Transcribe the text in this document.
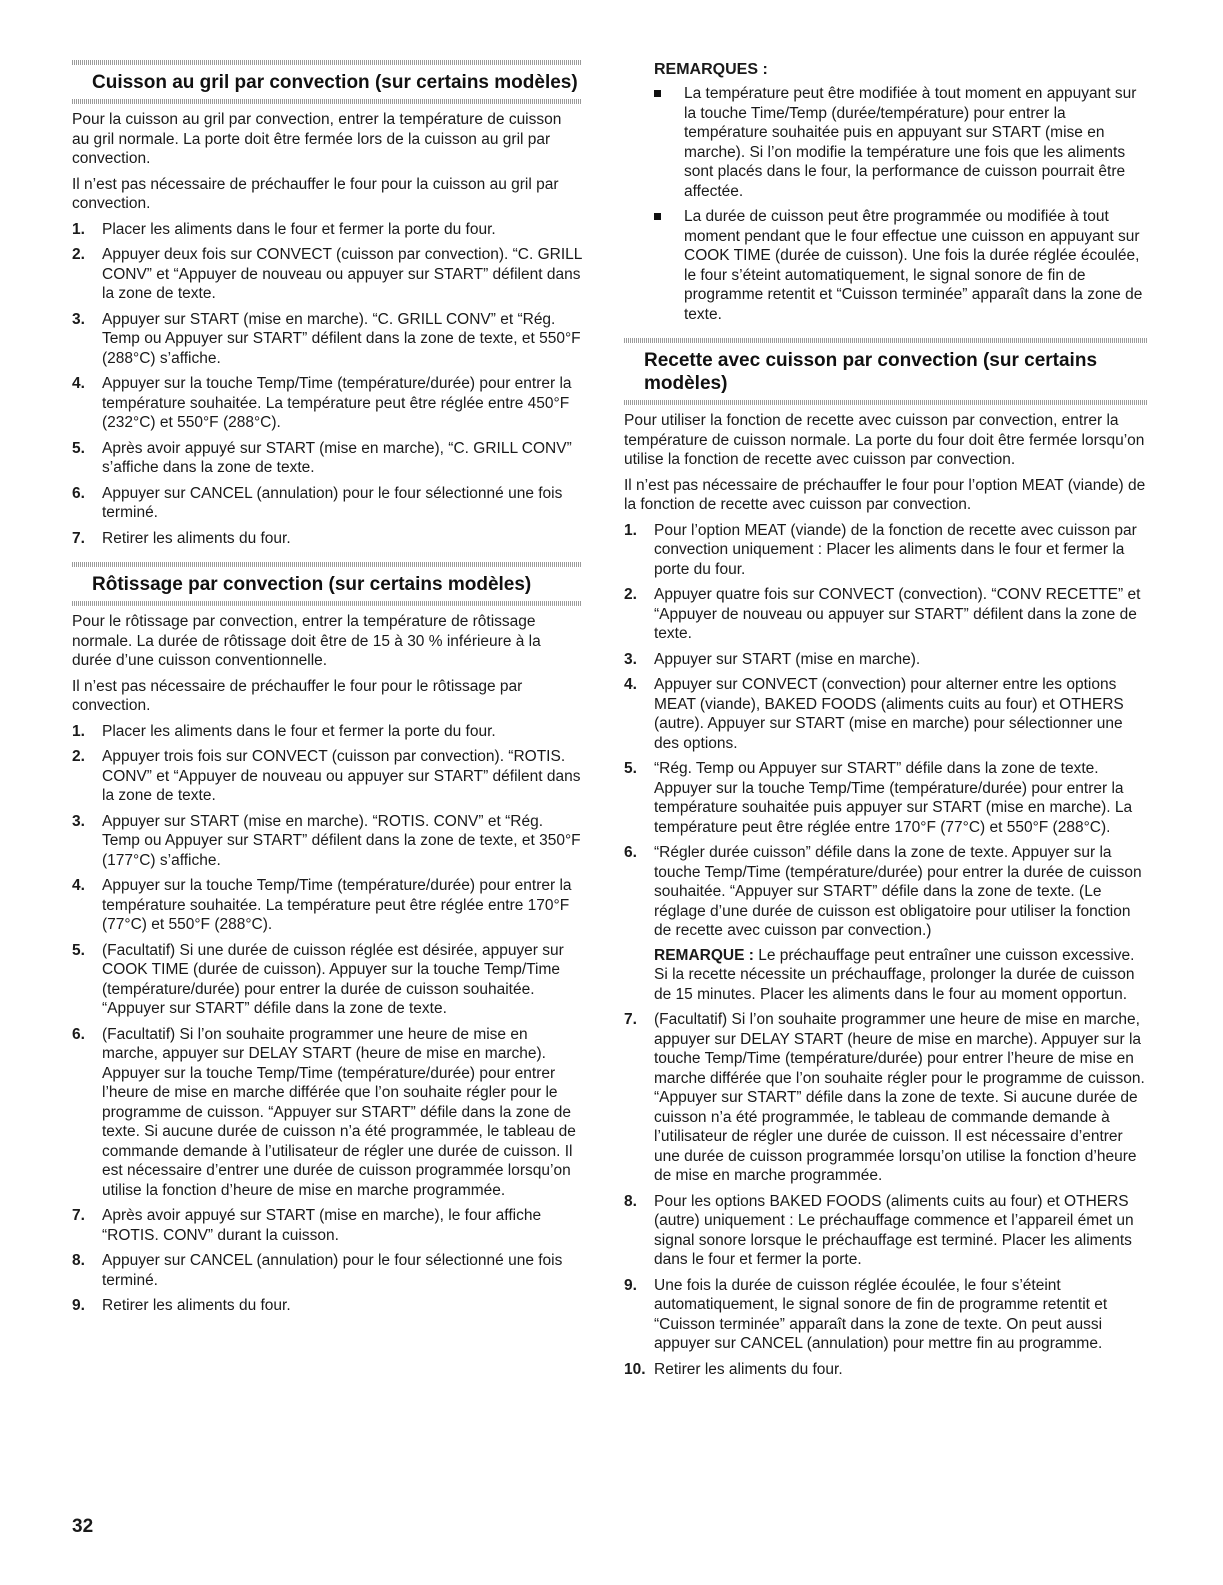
Cuisson au gril par convection (sur certains modèles)

Pour la cuisson au gril par convection, entrer la température de cuisson au gril normale. La porte doit être fermée lors de la cuisson au gril par convection.

Il n’est pas nécessaire de préchauffer le four pour la cuisson au gril par convection.

1. Placer les aliments dans le four et fermer la porte du four.
2. Appuyer deux fois sur CONVECT (cuisson par convection). “C. GRILL CONV” et “Appuyer de nouveau ou appuyer sur START” défilent dans la zone de texte.
3. Appuyer sur START (mise en marche). “C. GRILL CONV” et “Rég. Temp ou Appuyer sur START” défilent dans la zone de texte, et 550°F (288°C) s’affiche.
4. Appuyer sur la touche Temp/Time (température/durée) pour entrer la température souhaitée. La température peut être réglée entre 450°F (232°C) et 550°F (288°C).
5. Après avoir appuyé sur START (mise en marche), “C. GRILL CONV” s’affiche dans la zone de texte.
6. Appuyer sur CANCEL (annulation) pour le four sélectionné une fois terminé.
7. Retirer les aliments du four.
Rôtissage par convection (sur certains modèles)

Pour le rôtissage par convection, entrer la température de rôtissage normale. La durée de rôtissage doit être de 15 à 30 % inférieure à la durée d’une cuisson conventionnelle.

Il n’est pas nécessaire de préchauffer le four pour le rôtissage par convection.

1. Placer les aliments dans le four et fermer la porte du four.
2. Appuyer trois fois sur CONVECT (cuisson par convection). “ROTIS. CONV” et “Appuyer de nouveau ou appuyer sur START” défilent dans la zone de texte.
3. Appuyer sur START (mise en marche). “ROTIS. CONV” et “Rég. Temp ou Appuyer sur START” défilent dans la zone de texte, et 350°F (177°C) s’affiche.
4. Appuyer sur la touche Temp/Time (température/durée) pour entrer la température souhaitée. La température peut être réglée entre 170°F (77°C) et 550°F (288°C).
5. (Facultatif) Si une durée de cuisson réglée est désirée, appuyer sur COOK TIME (durée de cuisson). Appuyer sur la touche Temp/Time (température/durée) pour entrer la durée de cuisson souhaitée. “Appuyer sur START” défile dans la zone de texte.
6. (Facultatif) Si l’on souhaite programmer une heure de mise en marche, appuyer sur DELAY START (heure de mise en marche). Appuyer sur la touche Temp/Time (température/durée) pour entrer l’heure de mise en marche différée que l’on souhaite régler pour le programme de cuisson. “Appuyer sur START” défile dans la zone de texte. Si aucune durée de cuisson n’a été programmée, le tableau de commande demande à l’utilisateur de régler une durée de cuisson. Il est nécessaire d’entrer une durée de cuisson programmée lorsqu’on utilise la fonction d’heure de mise en marche programmée.
7. Après avoir appuyé sur START (mise en marche), le four affiche “ROTIS. CONV” durant la cuisson.
8. Appuyer sur CANCEL (annulation) pour le four sélectionné une fois terminé.
9. Retirer les aliments du four.
REMARQUES :
La température peut être modifiée à tout moment en appuyant sur la touche Time/Temp (durée/température) pour entrer la température souhaitée puis en appuyant sur START (mise en marche). Si l’on modifie la température une fois que les aliments sont placés dans le four, la performance de cuisson pourrait être affectée.
La durée de cuisson peut être programmée ou modifiée à tout moment pendant que le four effectue une cuisson en appuyant sur COOK TIME (durée de cuisson). Une fois la durée réglée écoulée, le four s’éteint automatiquement, le signal sonore de fin de programme retentit et “Cuisson terminée” apparaît dans la zone de texte.
Recette avec cuisson par convection (sur certains modèles)

Pour utiliser la fonction de recette avec cuisson par convection, entrer la température de cuisson normale. La porte du four doit être fermée lorsqu’on utilise la fonction de recette avec cuisson par convection.

Il n’est pas nécessaire de préchauffer le four pour l’option MEAT (viande) de la fonction de recette avec cuisson par convection.

1. Pour l’option MEAT (viande) de la fonction de recette avec cuisson par convection uniquement : Placer les aliments dans le four et fermer la porte du four.
2. Appuyer quatre fois sur CONVECT (convection). “CONV RECETTE” et “Appuyer de nouveau ou appuyer sur START” défilent dans la zone de texte.
3. Appuyer sur START (mise en marche).
4. Appuyer sur CONVECT (convection) pour alterner entre les options MEAT (viande), BAKED FOODS (aliments cuits au four) et OTHERS (autre). Appuyer sur START (mise en marche) pour sélectionner une des options.
5. “Rég. Temp ou Appuyer sur START” défile dans la zone de texte. Appuyer sur la touche Temp/Time (température/durée) pour entrer la température souhaitée puis appuyer sur START (mise en marche). La température peut être réglée entre 170°F (77°C) et 550°F (288°C).
6. “Régler durée cuisson” défile dans la zone de texte. Appuyer sur la touche Temp/Time (température/durée) pour entrer la durée de cuisson souhaitée. “Appuyer sur START” défile dans la zone de texte. (Le réglage d’une durée de cuisson est obligatoire pour utiliser la fonction de recette avec cuisson par convection.)
REMARQUE : Le préchauffage peut entraîner une cuisson excessive. Si la recette nécessite un préchauffage, prolonger la durée de cuisson de 15 minutes. Placer les aliments dans le four au moment opportun.
7. (Facultatif) Si l’on souhaite programmer une heure de mise en marche, appuyer sur DELAY START (heure de mise en marche). Appuyer sur la touche Temp/Time (température/durée) pour entrer l’heure de mise en marche différée que l’on souhaite régler pour le programme de cuisson. “Appuyer sur START” défile dans la zone de texte. Si aucune durée de cuisson n’a été programmée, le tableau de commande demande à l’utilisateur de régler une durée de cuisson. Il est nécessaire d’entrer une durée de cuisson programmée lorsqu’on utilise la fonction d’heure de mise en marche programmée.
8. Pour les options BAKED FOODS (aliments cuits au four) et OTHERS (autre) uniquement : Le préchauffage commence et l’appareil émet un signal sonore lorsque le préchauffage est terminé. Placer les aliments dans le four et fermer la porte.
9. Une fois la durée de cuisson réglée écoulée, le four s’éteint automatiquement, le signal sonore de fin de programme retentit et “Cuisson terminée” apparaît dans la zone de texte. On peut aussi appuyer sur CANCEL (annulation) pour mettre fin au programme.
10. Retirer les aliments du four.
32
